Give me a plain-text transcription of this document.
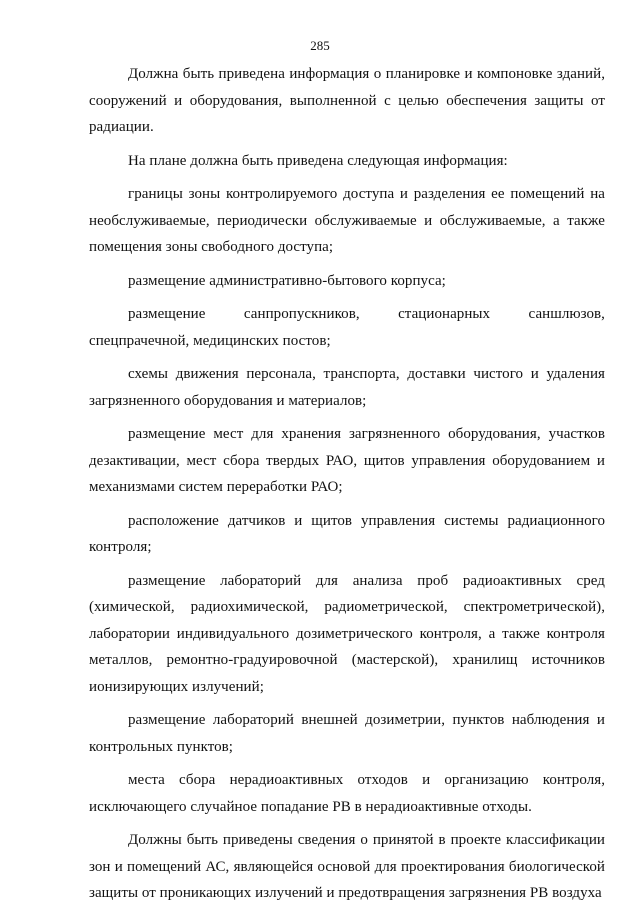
285

Должна быть приведена информация о планировке и компоновке зданий, сооружений и оборудования, выполненной с целью обеспечения защиты от радиации.

На плане должна быть приведена следующая информация:

границы зоны контролируемого доступа и разделения ее помещений на необслуживаемые, периодически обслуживаемые и обслуживаемые, а также помещения зоны свободного доступа;

размещение административно-бытового корпуса;

размещение санпропускников, стационарных саншлюзов, спецпрачечной, медицинских постов;

схемы движения персонала, транспорта, доставки чистого и удаления загрязненного оборудования и материалов;

размещение мест для хранения загрязненного оборудования, участков дезактивации, мест сбора твердых РАО, щитов управления оборудованием и механизмами систем переработки РАО;

расположение датчиков и щитов управления системы радиационного контроля;

размещение лабораторий для анализа проб радиоактивных сред (химической, радиохимической, радиометрической, спектрометрической), лаборатории индивидуального дозиметрического контроля, а также контроля металлов, ремонтно-градуировочной (мастерской), хранилищ источников ионизирующих излучений;

размещение лабораторий внешней дозиметрии, пунктов наблюдения и контрольных пунктов;

места сбора нерадиоактивных отходов и организацию контроля, исключающего случайное попадание РВ в нерадиоактивные отходы.

Должны быть приведены сведения о принятой в проекте классификации зон и помещений АС, являющейся основой для проектирования биологической защиты от проникающих излучений и предотвращения загрязнения РВ воздуха
